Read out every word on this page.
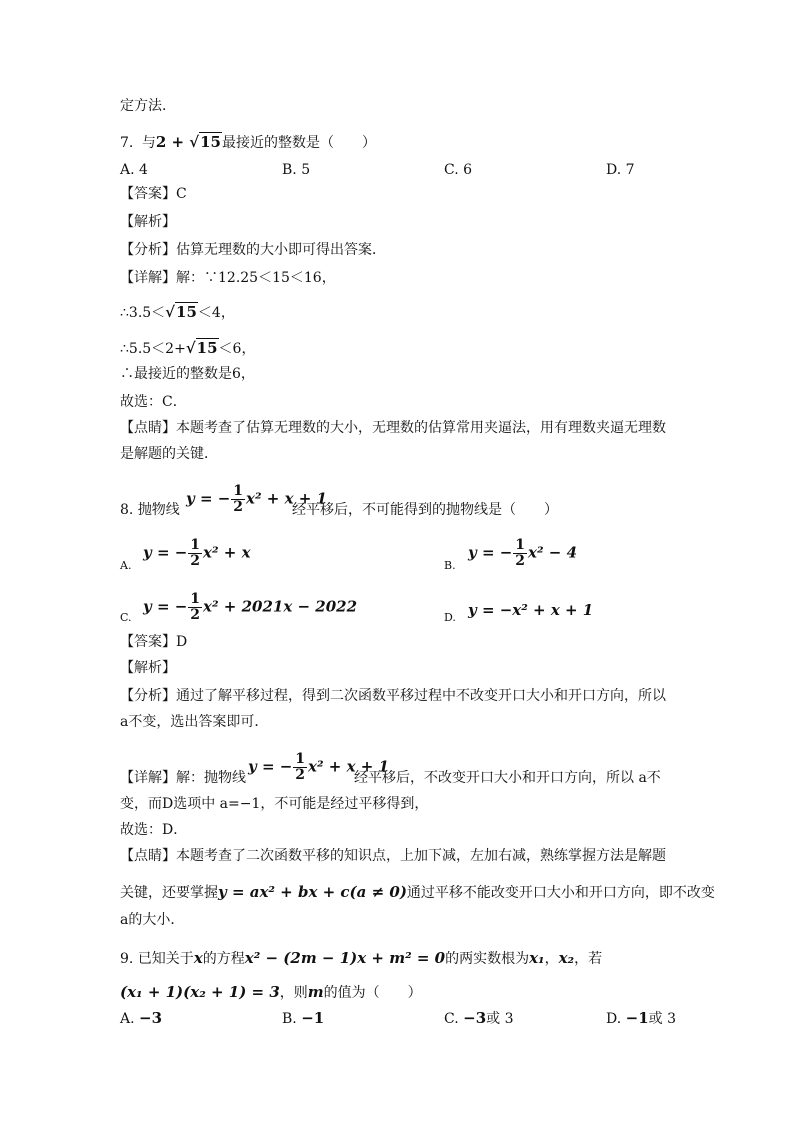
定方法．
7. 与2 + √15最接近的整数是（　　）
A. 4	B. 5	C. 6	D. 7
【答案】C
【解析】
【分析】估算无理数的大小即可得出答案．
【详解】解：∵12.25＜15＜16，
∴3.5＜√15＜4，
∴5.5＜2+√15＜6，
∴最接近的整数是6，
故选：C．
【点睛】本题考查了估算无理数的大小，无理数的估算常用夹逼法，用有理数夹逼无理数
是解题的关键．
y = − $\frac{1}{2} x^2 + x + 1$
8. 抛物线	经平移后，不可能得到的抛物线是（　　）
y = − $\frac{1}{2} x^2 + x$
A.
y = − $\frac{1}{2} x^2 - 4$
B.
y = − $\frac{1}{2} x^2 + 2021x - 2022$
C.	y = −x² + x + 1
D.
【答案】D
【解析】
【分析】通过了解平移过程，得到二次函数平移过程中不改变开口大小和开口方向，所以
a不变，选出答案即可．
y = − $\frac{1}{2} x^2 + x + 1$
【详解】解：抛物线	经平移后，不改变开口大小和开口方向，所以 a不
变，而D选项中 a=−1，不可能是经过平移得到，
故选：D．
【点睛】本题考查了二次函数平移的知识点，上加下减，左加右减，熟练掌握方法是解题
关键，还要掌握y = ax² + bx + c(a ≠ 0)通过平移不能改变开口大小和开口方向，即不改变
a的大小．
9. 已知关于x的方程x² − (2m − 1)x + m² = 0的两实数根为x₁，x₂，若
(x₁ + 1)(x₂ + 1) = 3，则m的值为（　　）
A. −3	B. −1	C. −3或 3	D. −1或 3
